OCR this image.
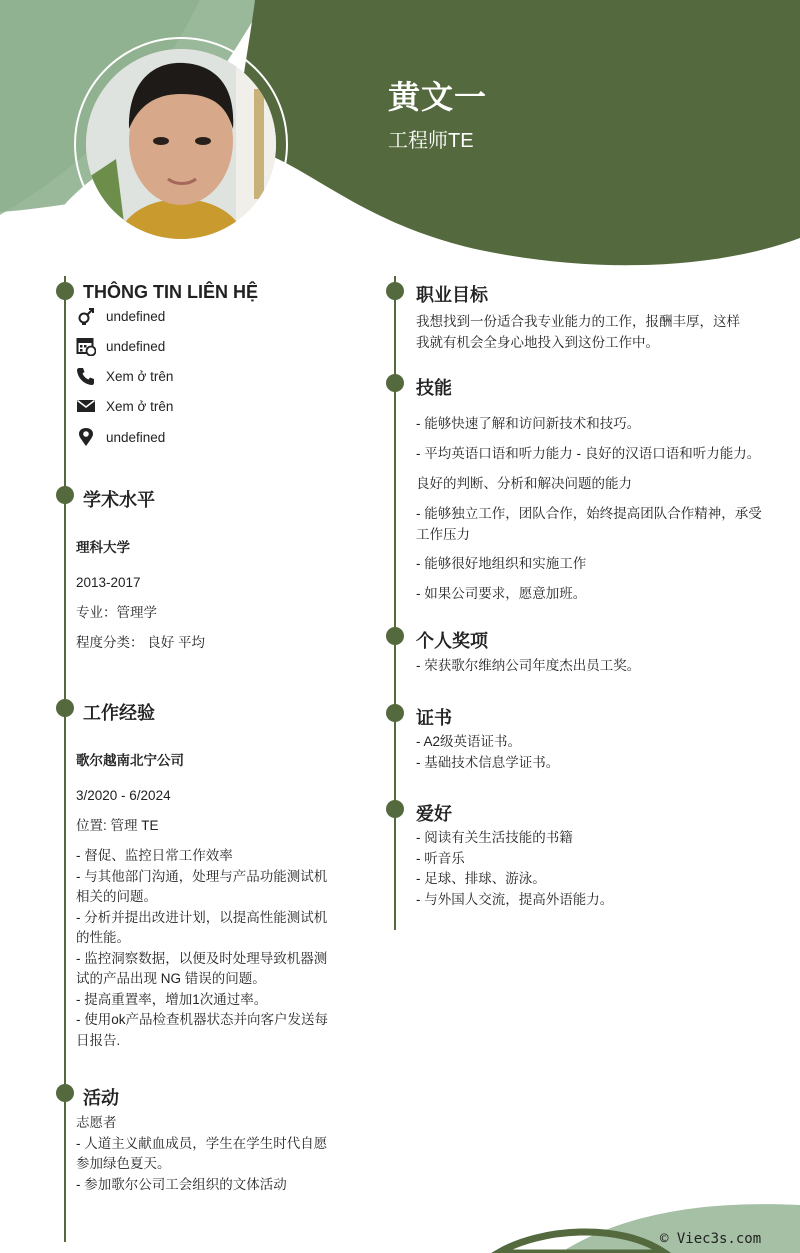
黄文一
工程师TE
THÔNG TIN LIÊN HỆ
undefined
undefined
Xem ở trên
Xem ở trên
undefined
学术水平

理科大学

2013-2017

专业：管理学

程度分类： 良好 平均

工作经验

歌尔越南北宁公司

3/2020 - 6/2024

位置: 管理 TE

- 督促、监控日常工作效率

- 与其他部门沟通，处理与产品功能测试机

相关的问题。

- 分析并提出改进计划，以提高性能测试机

的性能。

- 监控洞察数据，以便及时处理导致机器测

试的产品出现 NG 错误的问题。

- 提高重置率，增加1次通过率。

- 使用ok产品检查机器状态并向客户发送每

日报告.

活动

志愿者

- 人道主义献血成员，学生在学生时代自愿

参加绿色夏天。

- 参加歌尔公司工会组织的文体活动

职业目标

我想找到一份适合我专业能力的工作，报酬丰厚，这样

我就有机会全身心地投入到这份工作中。

技能

- 能够快速了解和访问新技术和技巧。

- 平均英语口语和听力能力 - 良好的汉语口语和听力能力。

良好的判断、分析和解决问题的能力

- 能够独立工作，团队合作，始终提高团队合作精神，承受

工作压力

- 能够很好地组织和实施工作

- 如果公司要求，愿意加班。

个人奖项

- 荣获歌尔维纳公司年度杰出员工奖。

证书

- A2级英语证书。

- 基础技术信息学证书。

爱好

- 阅读有关生活技能的书籍

- 听音乐

- 足球、排球、游泳。

- 与外国人交流，提高外语能力。

© Viec3s.com
